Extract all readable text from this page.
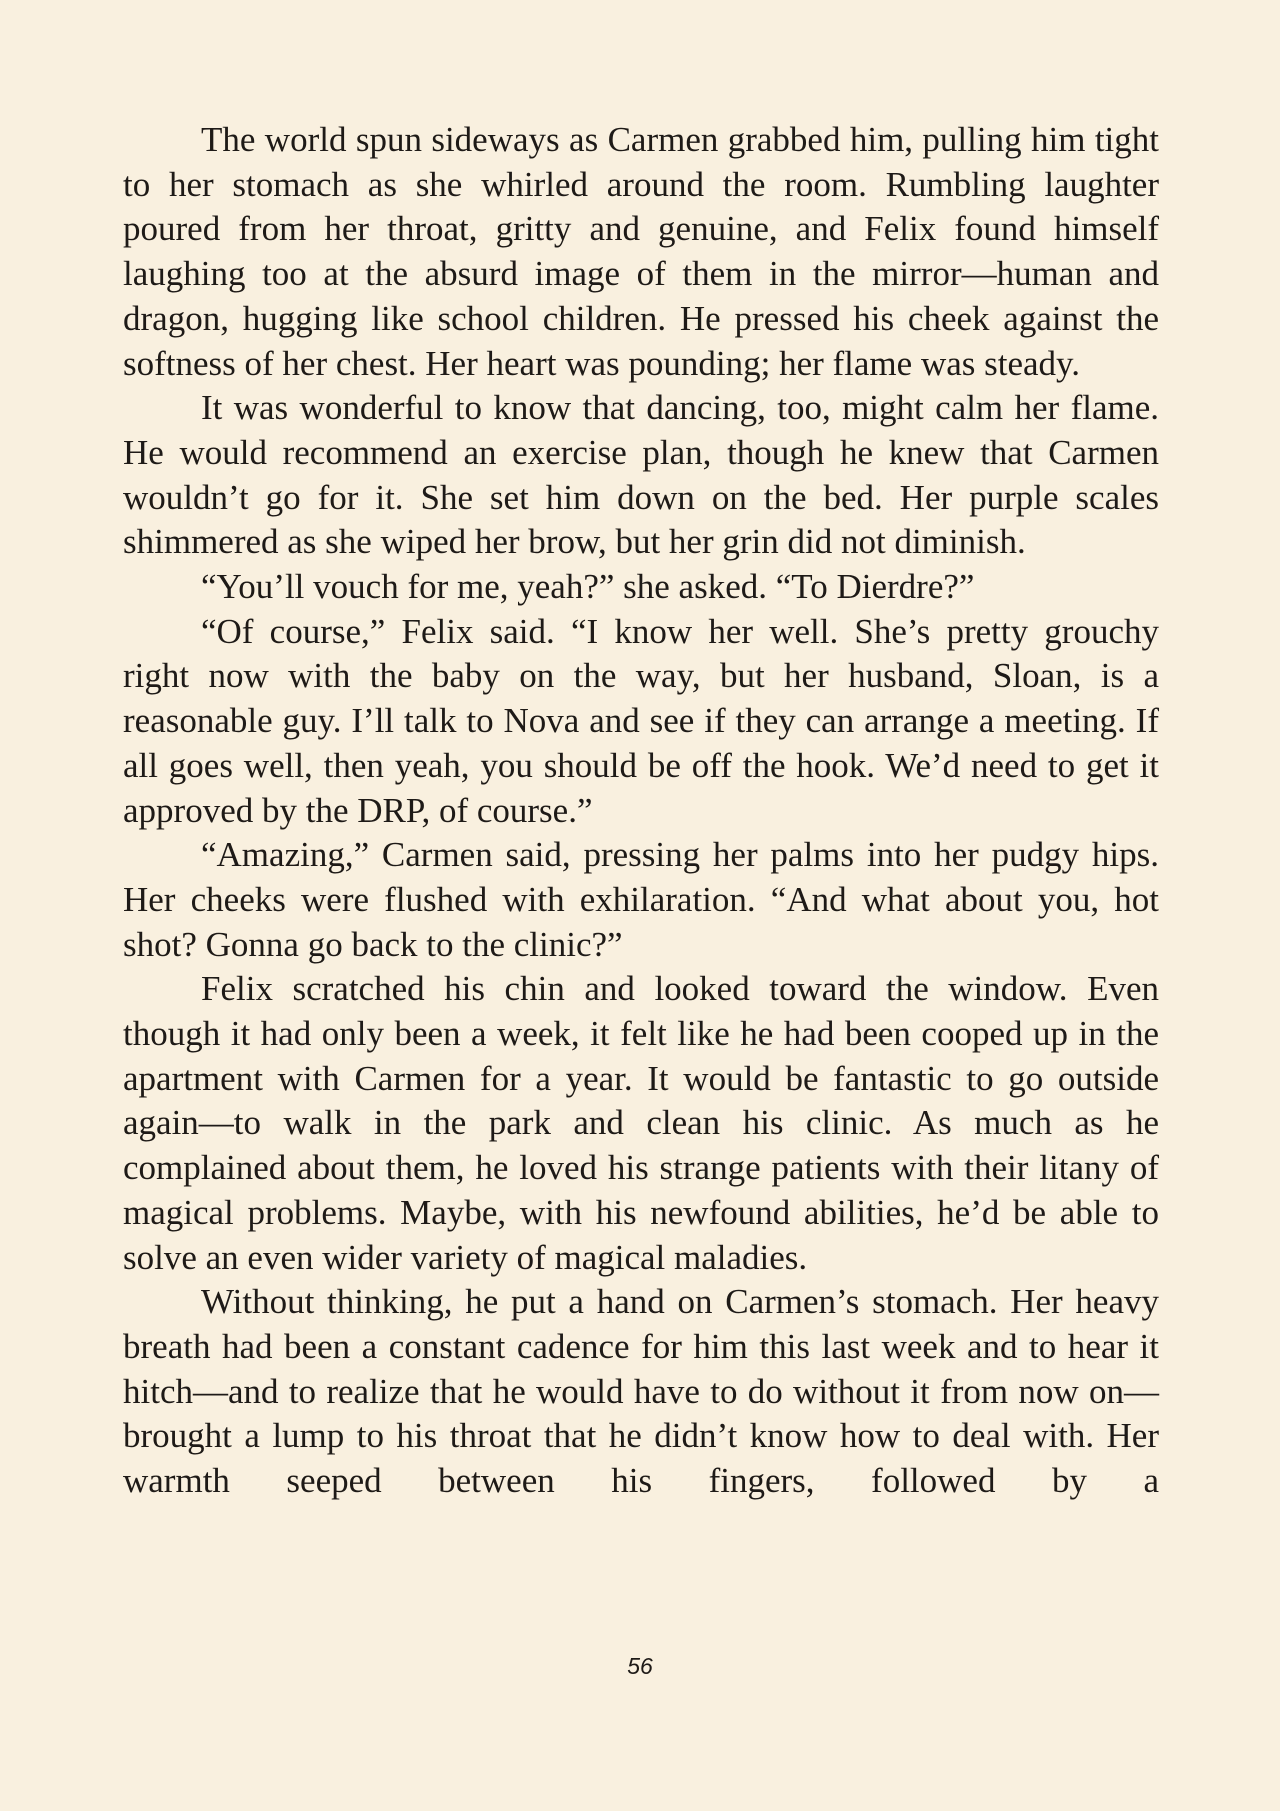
The world spun sideways as Carmen grabbed him, pulling him tight to her stomach as she whirled around the room. Rumbling laughter poured from her throat, gritty and genuine, and Felix found himself laughing too at the absurd image of them in the mirror—human and dragon, hugging like school children. He pressed his cheek against the softness of her chest. Her heart was pounding; her flame was steady.

It was wonderful to know that dancing, too, might calm her flame. He would recommend an exercise plan, though he knew that Carmen wouldn’t go for it. She set him down on the bed. Her purple scales shimmered as she wiped her brow, but her grin did not diminish.

“You’ll vouch for me, yeah?” she asked. “To Dierdre?”

“Of course,” Felix said. “I know her well. She’s pretty grouchy right now with the baby on the way, but her husband, Sloan, is a reasonable guy. I’ll talk to Nova and see if they can arrange a meeting. If all goes well, then yeah, you should be off the hook. We’d need to get it approved by the DRP, of course.”

“Amazing,” Carmen said, pressing her palms into her pudgy hips. Her cheeks were flushed with exhilaration. “And what about you, hot shot? Gonna go back to the clinic?”

Felix scratched his chin and looked toward the window. Even though it had only been a week, it felt like he had been cooped up in the apartment with Carmen for a year. It would be fantastic to go outside again—to walk in the park and clean his clinic. As much as he complained about them, he loved his strange patients with their litany of magical problems. Maybe, with his newfound abilities, he’d be able to solve an even wider variety of magical maladies.

Without thinking, he put a hand on Carmen’s stomach. Her heavy breath had been a constant cadence for him this last week and to hear it hitch—and to realize that he would have to do without it from now on—brought a lump to his throat that he didn’t know how to deal with. Her warmth seeped between his fingers, followed by a

56
